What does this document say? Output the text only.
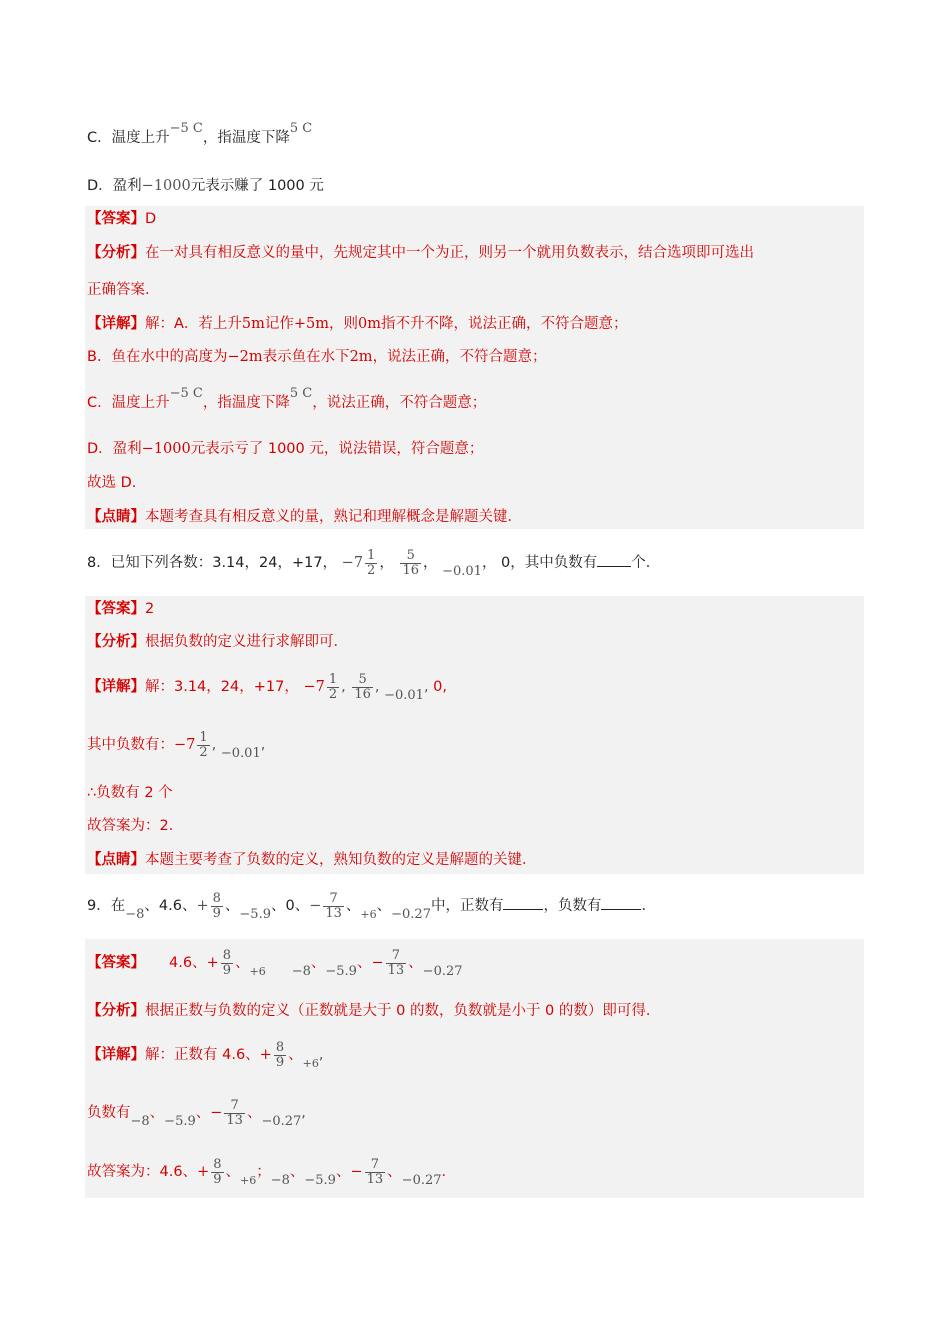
C．温度上升−5 C，指温度下降5 C
D．盈利−1000元表示赚了 1000 元
【答案】D
【分析】在一对具有相反意义的量中，先规定其中一个为正，则另一个就用负数表示，结合选项即可选出
正确答案．
【详解】解：A．若上升5m记作+5m，则0m指不升不降，说法正确，不符合题意；
B．鱼在水中的高度为−2m表示鱼在水下2m，说法正确，不符合题意；
C．温度上升−5 C，指温度下降5 C，说法正确，不符合题意；
D．盈利−1000元表示亏了 1000 元，说法错误，符合题意；
故选 D．
【点睛】本题考查具有相反意义的量，熟记和理解概念是解题关键．
8．已知下列各数：3.14，24，+17， $-7 \frac{1}{2}$ ， $\frac{5}{16}$ ， −0.01， 0，其中负数有 个．
【答案】2
【分析】根据负数的定义进行求解即可．
【详解】解：3.14，24，+17， $-7 \frac{1}{2}$ , $\frac{5}{16}$ , −0.01, 0,
其中负数有：$-7 \frac{1}{2}$ , −0.01,
∴负数有 2 个
故答案为：2．
【点睛】本题主要考查了负数的定义，熟知负数的定义是解题的关键．
9．在−8、4.6、+ $\frac{8}{9}$ 、−5.9、0、− $\frac{7}{13}$ 、$_{+6}$、−0.27中，正数有	，负数有	．
【答案】 4.6、+ $\frac{8}{9}$ 、$_{+6}$ −8、−5.9、− $\frac{7}{13}$ 、−0.27
【分析】根据正数与负数的定义（正数就是大于 0 的数，负数就是小于 0 的数）即可得．
【详解】解：正数有 4.6、+ $\frac{8}{9}$ 、$_{+6}$,
负数有−8、−5.9、− $\frac{7}{13}$ 、−0.27,
故答案为：4.6、+ $\frac{8}{9}$ 、$_{+6}$；−8、−5.9、− $\frac{7}{13}$ 、−0.27．
